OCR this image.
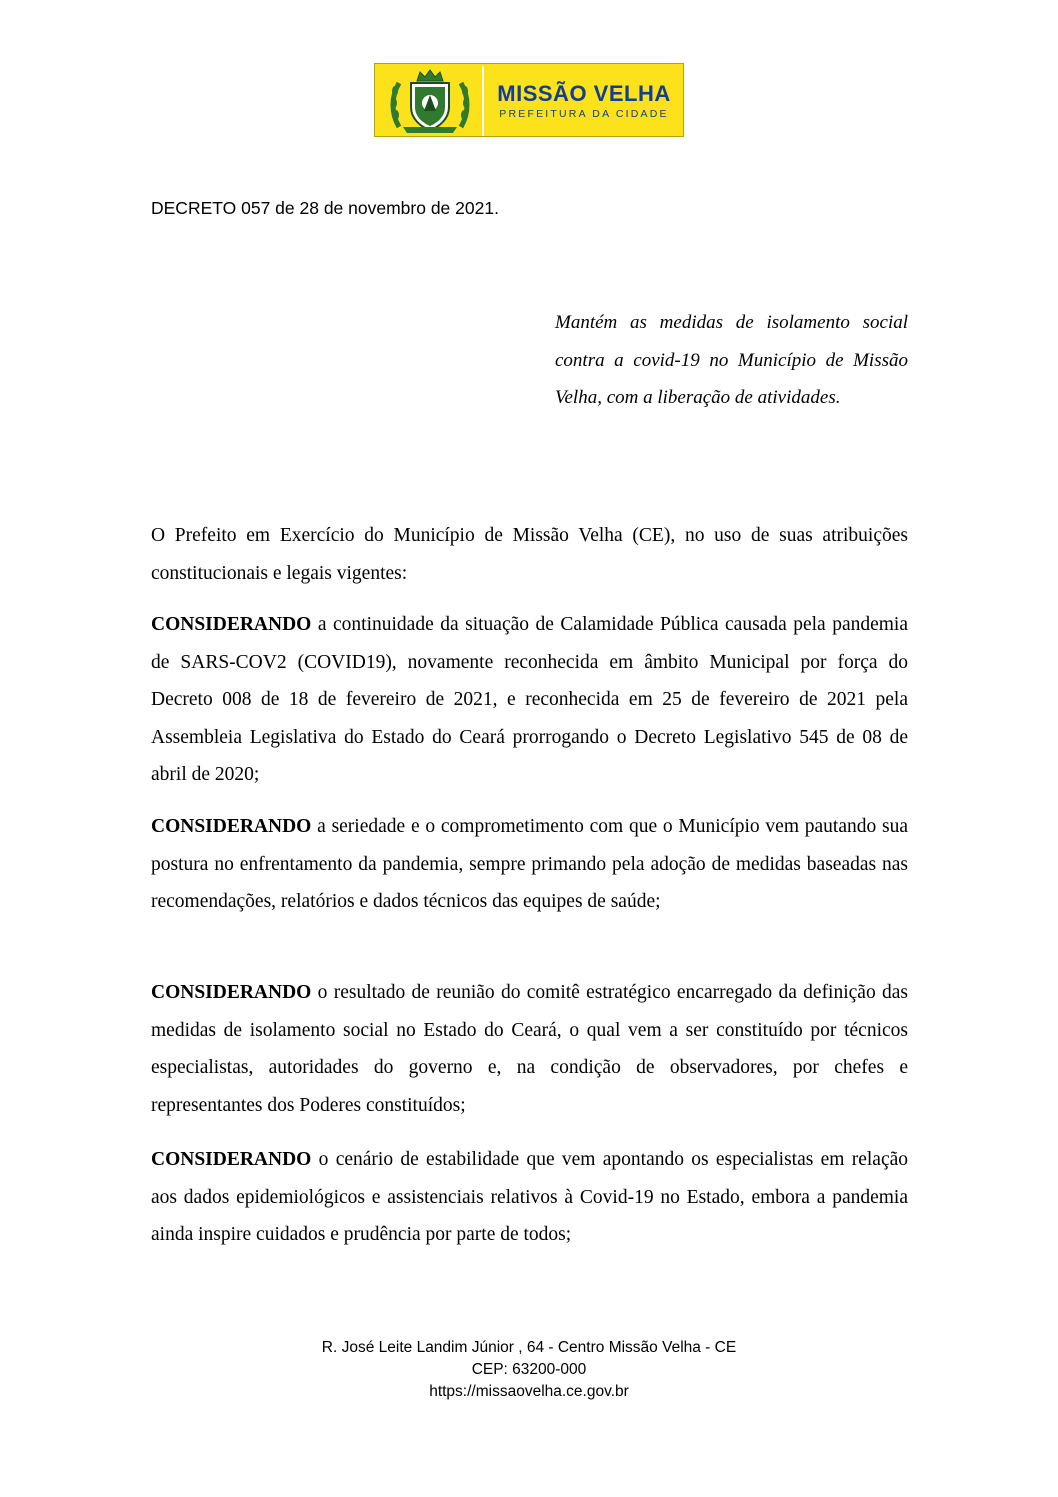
MISSÃO VELHA
PREFEITURA DA CIDADE
DECRETO 057 de 28 de novembro de 2021.

Mantém as medidas de isolamento social contra a covid-19 no Município de Missão Velha, com a liberação de atividades.

O Prefeito em Exercício do Município de Missão Velha (CE), no uso de suas atribuições constitucionais e legais vigentes:

CONSIDERANDO a continuidade da situação de Calamidade Pública causada pela pandemia de SARS-COV2 (COVID19), novamente reconhecida em âmbito Municipal por força do Decreto 008 de 18 de fevereiro de 2021, e reconhecida em 25 de fevereiro de 2021 pela Assembleia Legislativa do Estado do Ceará prorrogando o Decreto Legislativo 545 de 08 de abril de 2020;

CONSIDERANDO a seriedade e o comprometimento com que o Município vem pautando sua postura no enfrentamento da pandemia, sempre primando pela adoção de medidas baseadas nas recomendações, relatórios e dados técnicos das equipes de saúde;

CONSIDERANDO o resultado de reunião do comitê estratégico encarregado da definição das medidas de isolamento social no Estado do Ceará, o qual vem a ser constituído por técnicos especialistas, autoridades do governo e, na condição de observadores, por chefes e representantes dos Poderes constituídos;

CONSIDERANDO o cenário de estabilidade que vem apontando os especialistas em relação aos dados epidemiológicos e assistenciais relativos à Covid-19 no Estado, embora a pandemia ainda inspire cuidados e prudência por parte de todos;

R. José Leite Landim Júnior , 64 - Centro Missão Velha - CE
CEP: 63200-000
https://missaovelha.ce.gov.br
